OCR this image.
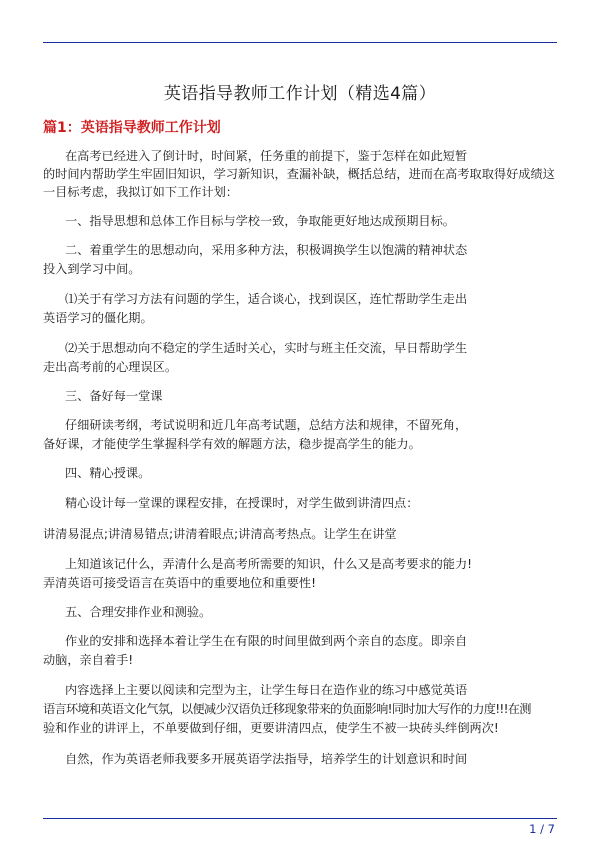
英语指导教师工作计划（精选4篇）
篇1：英语指导教师工作计划
在高考已经进入了倒计时，时间紧，任务重的前提下，鉴于怎样在如此短暂
的时间内帮助学生牢固旧知识，学习新知识，查漏补缺，概括总结，进而在高考取取得好成绩这
一目标考虑，我拟订如下工作计划：
一、指导思想和总体工作目标与学校一致，争取能更好地达成预期目标。
二、着重学生的思想动向，采用多种方法，积极调换学生以饱满的精神状态
投入到学习中间。
⑴关于有学习方法有问题的学生，适合谈心，找到误区，连忙帮助学生走出
英语学习的僵化期。
⑵关于思想动向不稳定的学生适时关心，实时与班主任交流，早日帮助学生
走出高考前的心理误区。
三、备好每一堂课
仔细研读考纲，考试说明和近几年高考试题，总结方法和规律，不留死角，
备好课，才能使学生掌握科学有效的解题方法，稳步提高学生的能力。
四、精心授课。
精心设计每一堂课的课程安排，在授课时，对学生做到讲清四点：
讲清易混点;讲清易错点;讲清着眼点;讲清高考热点。让学生在讲堂
上知道该记什么，弄清什么是高考所需要的知识，什么又是高考要求的能力!
弄清英语可接受语言在英语中的重要地位和重要性!
五、合理安排作业和测验。
作业的安排和选择本着让学生在有限的时间里做到两个亲自的态度。即亲自
动脑，亲自着手!
内容选择上主要以阅读和完型为主，让学生每日在造作业的练习中感觉英语
语言环境和英语文化气氛，以便减少汉语负迁移现象带来的负面影响!同时加大写作的力度!!!在测
验和作业的讲评上，不单要做到仔细，更要讲清四点，使学生不被一块砖头绊倒两次!
自然，作为英语老师我要多开展英语学法指导，培养学生的计划意识和时间
1 / 7
